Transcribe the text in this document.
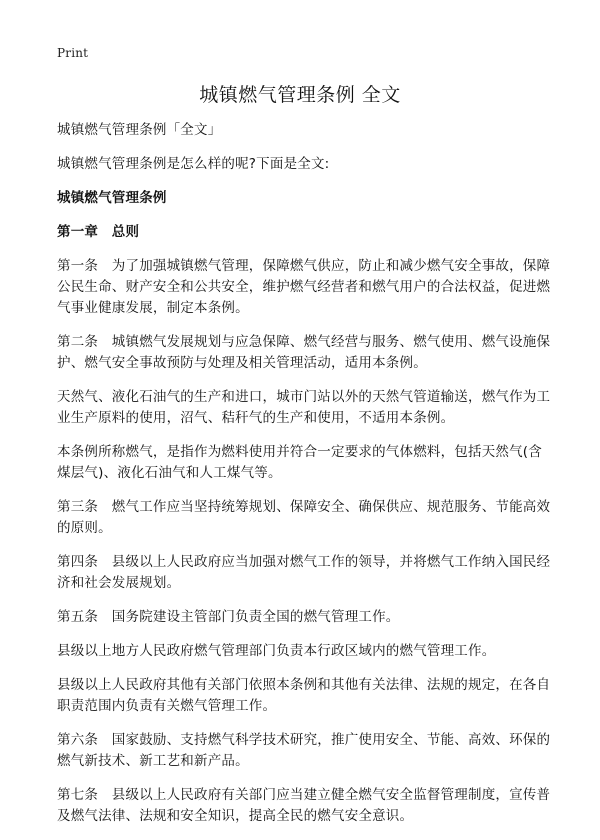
Print
城镇燃气管理条例 全文

城镇燃气管理条例「全文」

城镇燃气管理条例是怎么样的呢?下面是全文:

城镇燃气管理条例

第一章　总则

第一条　为了加强城镇燃气管理，保障燃气供应，防止和减少燃气安全事故，保障公民生命、财产安全和公共安全，维护燃气经营者和燃气用户的合法权益，促进燃气事业健康发展，制定本条例。

第二条　城镇燃气发展规划与应急保障、燃气经营与服务、燃气使用、燃气设施保护、燃气安全事故预防与处理及相关管理活动，适用本条例。

天然气、液化石油气的生产和进口，城市门站以外的天然气管道输送，燃气作为工业生产原料的使用，沼气、秸秆气的生产和使用，不适用本条例。

本条例所称燃气，是指作为燃料使用并符合一定要求的气体燃料，包括天然气(含煤层气)、液化石油气和人工煤气等。

第三条　燃气工作应当坚持统筹规划、保障安全、确保供应、规范服务、节能高效的原则。

第四条　县级以上人民政府应当加强对燃气工作的领导，并将燃气工作纳入国民经济和社会发展规划。

第五条　国务院建设主管部门负责全国的燃气管理工作。

县级以上地方人民政府燃气管理部门负责本行政区域内的燃气管理工作。

县级以上人民政府其他有关部门依照本条例和其他有关法律、法规的规定，在各自职责范围内负责有关燃气管理工作。

第六条　国家鼓励、支持燃气科学技术研究，推广使用安全、节能、高效、环保的燃气新技术、新工艺和新产品。

第七条　县级以上人民政府有关部门应当建立健全燃气安全监督管理制度，宣传普及燃气法律、法规和安全知识，提高全民的燃气安全意识。
